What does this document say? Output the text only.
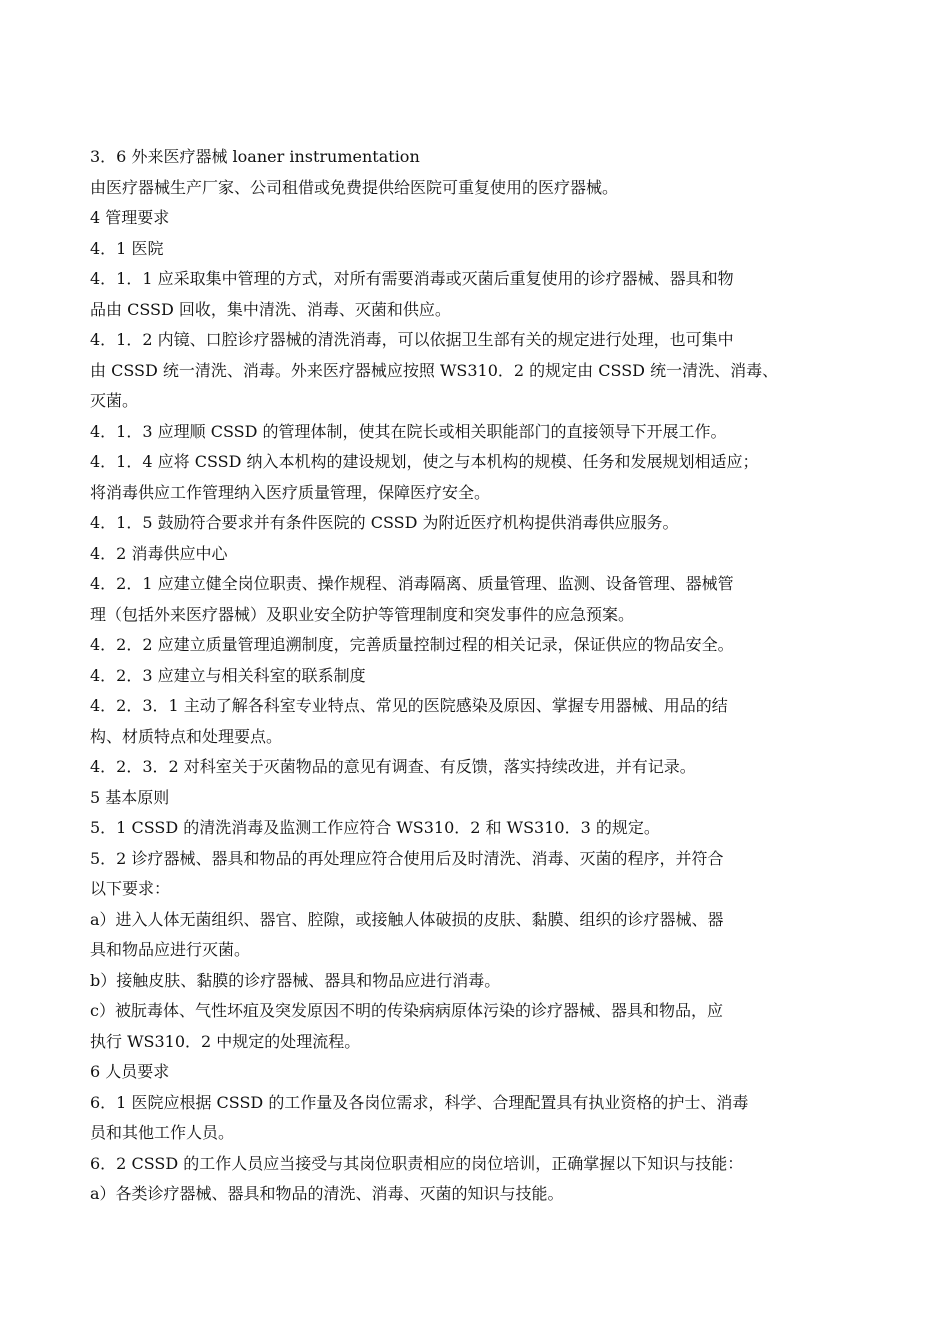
3．6 外来医疗器械 loaner instrumentation

由医疗器械生产厂家、公司租借或免费提供给医院可重复使用的医疗器械。

4 管理要求

4．1 医院

4．1．1 应采取集中管理的方式，对所有需要消毒或灭菌后重复使用的诊疗器械、器具和物

品由 CSSD 回收，集中清洗、消毒、灭菌和供应。

4．1．2 内镜、口腔诊疗器械的清洗消毒，可以依据卫生部有关的规定进行处理，也可集中

由 CSSD 统一清洗、消毒。外来医疗器械应按照 WS310．2 的规定由 CSSD 统一清洗、消毒、

灭菌。

4．1．3 应理顺 CSSD 的管理体制，使其在院长或相关职能部门的直接领导下开展工作。

4．1．4 应将 CSSD 纳入本机构的建设规划，使之与本机构的规模、任务和发展规划相适应；

将消毒供应工作管理纳入医疗质量管理，保障医疗安全。

4．1．5 鼓励符合要求并有条件医院的 CSSD 为附近医疗机构提供消毒供应服务。

4．2 消毒供应中心

4．2．1 应建立健全岗位职责、操作规程、消毒隔离、质量管理、监测、设备管理、器械管

理（包括外来医疗器械）及职业安全防护等管理制度和突发事件的应急预案。

4．2．2 应建立质量管理追溯制度，完善质量控制过程的相关记录，保证供应的物品安全。

4．2．3 应建立与相关科室的联系制度

4．2．3．1 主动了解各科室专业特点、常见的医院感染及原因、掌握专用器械、用品的结

构、材质特点和处理要点。

4．2．3．2 对科室关于灭菌物品的意见有调查、有反馈，落实持续改进，并有记录。

5 基本原则

5．1 CSSD 的清洗消毒及监测工作应符合 WS310．2 和 WS310．3 的规定。

5．2 诊疗器械、器具和物品的再处理应符合使用后及时清洗、消毒、灭菌的程序，并符合

以下要求：

a）进入人体无菌组织、器官、腔隙，或接触人体破损的皮肤、黏膜、组织的诊疗器械、器

具和物品应进行灭菌。

b）接触皮肤、黏膜的诊疗器械、器具和物品应进行消毒。

c）被朊毒体、气性坏疽及突发原因不明的传染病病原体污染的诊疗器械、器具和物品，应

执行 WS310．2 中规定的处理流程。

6 人员要求

6．1 医院应根据 CSSD 的工作量及各岗位需求，科学、合理配置具有执业资格的护士、消毒

员和其他工作人员。

6．2 CSSD 的工作人员应当接受与其岗位职责相应的岗位培训，正确掌握以下知识与技能：

a）各类诊疗器械、器具和物品的清洗、消毒、灭菌的知识与技能。
